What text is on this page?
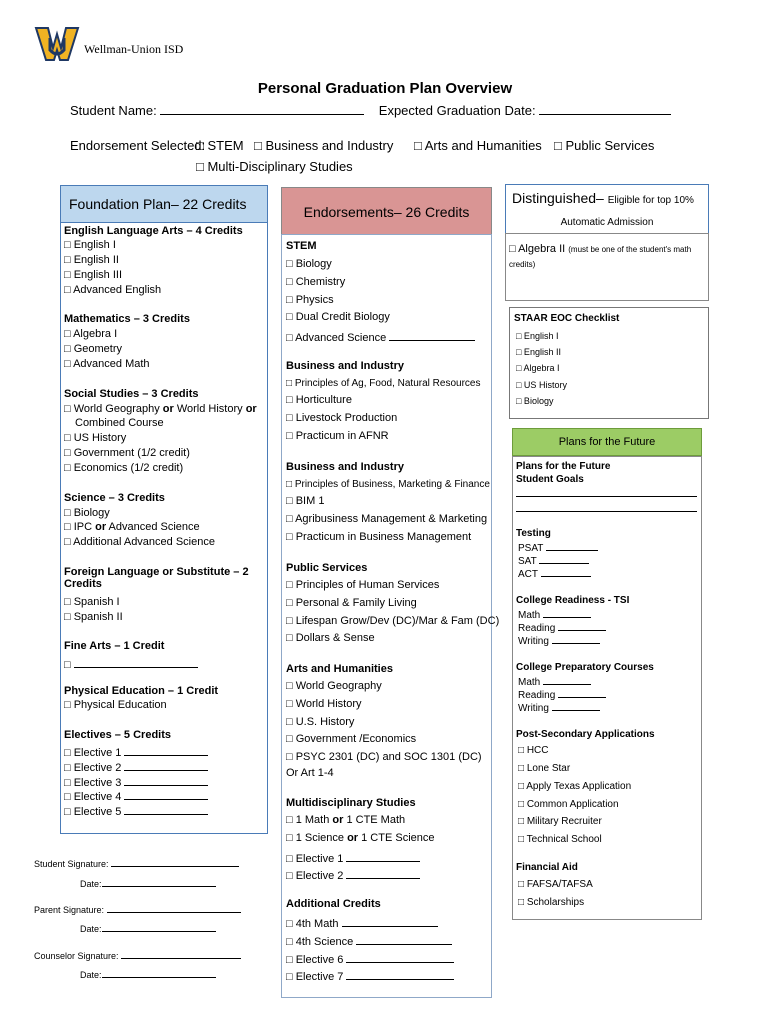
Wellman-Union ISD
Personal Graduation Plan Overview
Student Name:	Expected Graduation Date:
Endorsement Selected:
□ STEM □ Business and Industry □ Arts and Humanities □ Public Services
□ Multi-Disciplinary Studies
Foundation Plan– 22 Credits
English Language Arts – 4 Credits
□ English I
□ English II
□ English III
□ Advanced English
Mathematics – 3 Credits
□ Algebra I
□ Geometry
□ Advanced Math
Social Studies – 3 Credits
□ World Geography or World History or
Combined Course
□ US History
□ Government (1/2 credit)
□ Economics (1/2 credit)
Science – 3 Credits
□ Biology
□ IPC or Advanced Science
□ Additional Advanced Science
Foreign Language or Substitute – 2 Credits
□ Spanish I
□ Spanish II
Fine Arts – 1 Credit
□
Physical Education – 1 Credit
□ Physical Education
Electives – 5 Credits
□ Elective 1
□ Elective 2
□ Elective 3
□ Elective 4
□ Elective 5
Student Signature:
Date:
Parent Signature:
Date:
Counselor Signature:
Date:
Endorsements– 26 Credits
STEM
□ Biology
□ Chemistry
□ Physics
□ Dual Credit Biology
□ Advanced Science
Business and Industry
□ Principles of Ag, Food, Natural Resources
□ Horticulture
□ Livestock Production
□ Practicum in AFNR
Business and Industry
□ Principles of Business, Marketing & Finance
□ BIM 1
□ Agribusiness Management & Marketing
□ Practicum in Business Management
Public Services
□ Principles of Human Services
□ Personal & Family Living
□ Lifespan Grow/Dev (DC)/Mar & Fam (DC)
□ Dollars & Sense
Arts and Humanities
□ World Geography
□ World History
□ U.S. History
□ Government /Economics
□ PSYC 2301 (DC) and SOC 1301 (DC)
Or Art 1-4
Multidisciplinary Studies
□ 1 Math or 1 CTE Math
□ 1 Science or 1 CTE Science
□ Elective 1
□ Elective 2
Additional Credits
□ 4th Math
□ 4th Science
□ Elective 6
□ Elective 7
Distinguished– Eligible for top 10%
Automatic Admission
□ Algebra II (must be one of the student's math credits)
STAAR EOC Checklist
□ English I
□ English II
□ Algebra I
□ US History
□ Biology
Plans for the Future
Plans for the Future
Student Goals
Testing
PSAT
SAT
ACT
College Readiness - TSI
Math
Reading
Writing
College Preparatory Courses
Math
Reading
Writing
Post-Secondary Applications
□ HCC
□ Lone Star
□ Apply Texas Application
□ Common Application
□ Military Recruiter
□ Technical School
Financial Aid
□ FAFSA/TAFSA
□ Scholarships
